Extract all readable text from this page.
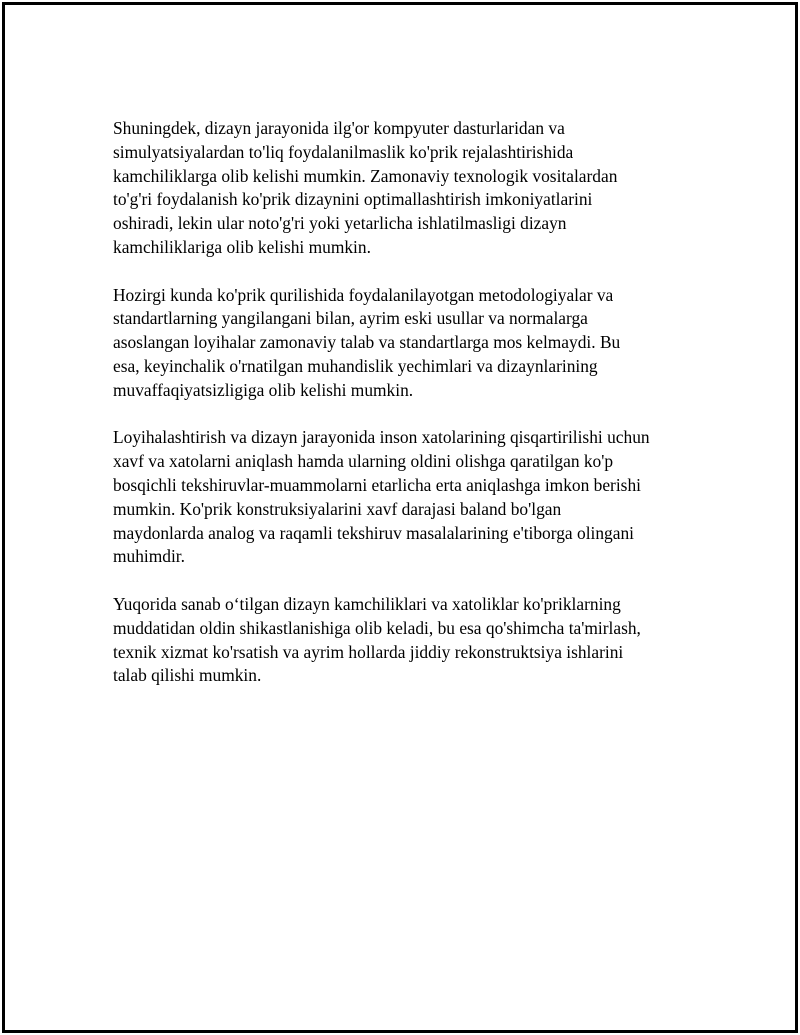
Shuningdek, dizayn jarayonida ilg'or kompyuter dasturlaridan va
simulyatsiyalardan to'liq foydalanilmaslik ko'prik rejalashtirishida
kamchiliklarga olib kelishi mumkin. Zamonaviy texnologik vositalardan
to'g'ri foydalanish ko'prik dizaynini optimallashtirish imkoniyatlarini
oshiradi, lekin ular noto'g'ri yoki yetarlicha ishlatilmasligi dizayn
kamchiliklariga olib kelishi mumkin.

Hozirgi kunda ko'prik qurilishida foydalanilayotgan metodologiyalar va
standartlarning yangilangani bilan, ayrim eski usullar va normalarga
asoslangan loyihalar zamonaviy talab va standartlarga mos kelmaydi. Bu
esa, keyinchalik o'rnatilgan muhandislik yechimlari va dizaynlarining
muvaffaqiyatsizligiga olib kelishi mumkin.

Loyihalashtirish va dizayn jarayonida inson xatolarining qisqartirilishi uchun
xavf va xatolarni aniqlash hamda ularning oldini olishga qaratilgan ko'p
bosqichli tekshiruvlar-muammolarni etarlicha erta aniqlashga imkon berishi
mumkin. Ko'prik konstruksiyalarini xavf darajasi baland bo'lgan
maydonlarda analog va raqamli tekshiruv masalalarining e'tiborga olingani
muhimdir.

Yuqorida sanab o‘tilgan dizayn kamchiliklari va xatoliklar ko'priklarning
muddatidan oldin shikastlanishiga olib keladi, bu esa qo'shimcha ta'mirlash,
texnik xizmat ko'rsatish va ayrim hollarda jiddiy rekonstruktsiya ishlarini
talab qilishi mumkin.
